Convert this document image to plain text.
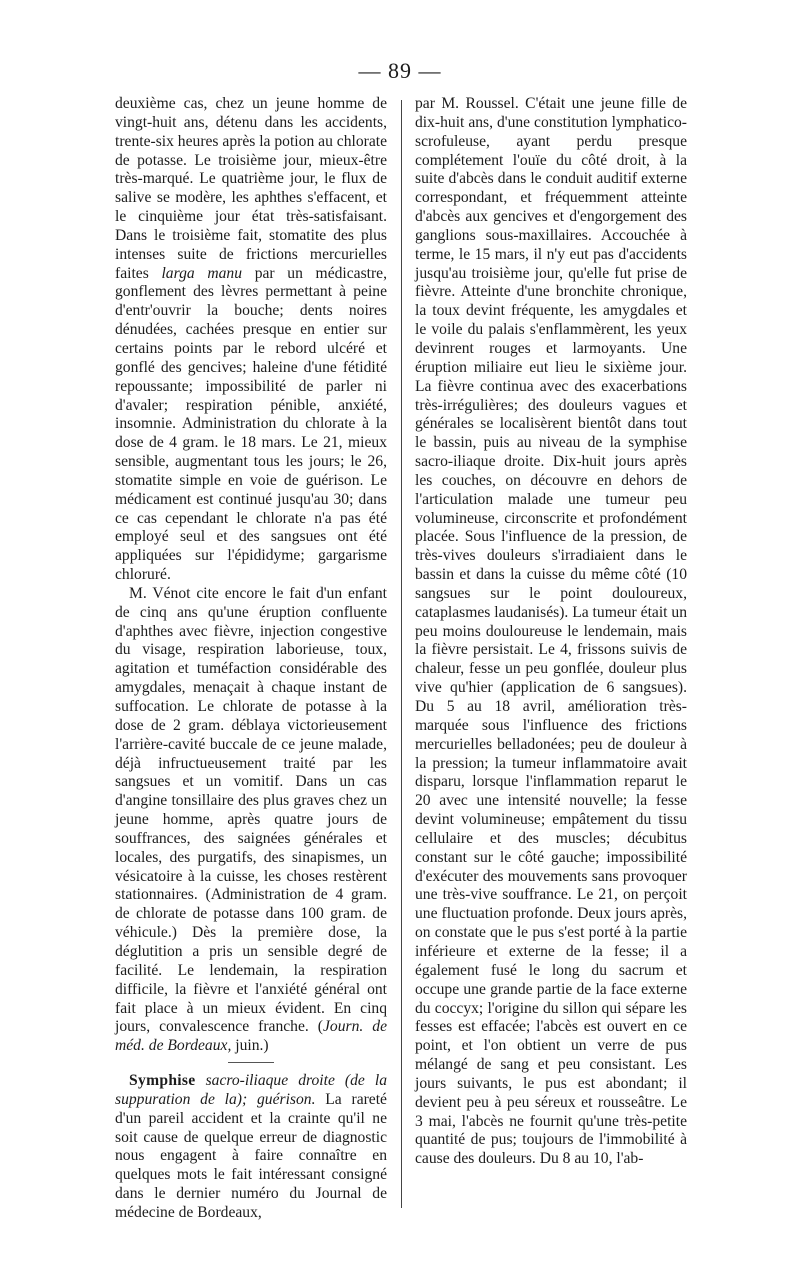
— 89 —

deuxième cas, chez un jeune homme de vingt-huit ans, détenu dans les accidents, trente-six heures après la potion au chlorate de potasse. Le troisième jour, mieux-être très-marqué. Le quatrième jour, le flux de salive se modère, les aphthes s'effacent, et le cinquième jour état très-satisfaisant. Dans le troisième fait, stomatite des plus intenses suite de frictions mercurielles faites larga manu par un médicastre, gonflement des lèvres permettant à peine d'entr'ouvrir la bouche; dents noires dénudées, cachées presque en entier sur certains points par le rebord ulcéré et gonflé des gencives; haleine d'une fétidité repoussante; impossibilité de parler ni d'avaler; respiration pénible, anxiété, insomnie. Administration du chlorate à la dose de 4 gram. le 18 mars. Le 21, mieux sensible, augmentant tous les jours; le 26, stomatite simple en voie de guérison. Le médicament est continué jusqu'au 30; dans ce cas cependant le chlorate n'a pas été employé seul et des sangsues ont été appliquées sur l'épididyme; gargarisme chloruré.

M. Vénot cite encore le fait d'un enfant de cinq ans qu'une éruption confluente d'aphthes avec fièvre, injection congestive du visage, respiration laborieuse, toux, agitation et tuméfaction considérable des amygdales, menaçait à chaque instant de suffocation. Le chlorate de potasse à la dose de 2 gram. déblaya victorieusement l'arrière-cavité buccale de ce jeune malade, déjà infructueusement traité par les sangsues et un vomitif. Dans un cas d'angine tonsillaire des plus graves chez un jeune homme, après quatre jours de souffrances, des saignées générales et locales, des purgatifs, des sinapismes, un vésicatoire à la cuisse, les choses restèrent stationnaires. (Administration de 4 gram. de chlorate de potasse dans 100 gram. de véhicule.) Dès la première dose, la déglutition a pris un sensible degré de facilité. Le lendemain, la respiration difficile, la fièvre et l'anxiété général ont fait place à un mieux évident. En cinq jours, convalescence franche. (Journ. de méd. de Bordeaux, juin.)

Symphise sacro-iliaque droite (de la suppuration de la); guérison. La rareté d'un pareil accident et la crainte qu'il ne soit cause de quelque erreur de diagnostic nous engagent à faire connaître en quelques mots le fait intéressant consigné dans le dernier numéro du Journal de médecine de Bordeaux,

par M. Roussel. C'était une jeune fille de dix-huit ans, d'une constitution lymphatico-scrofuleuse, ayant perdu presque complétement l'ouïe du côté droit, à la suite d'abcès dans le conduit auditif externe correspondant, et fréquemment atteinte d'abcès aux gencives et d'engorgement des ganglions sous-maxillaires. Accouchée à terme, le 15 mars, il n'y eut pas d'accidents jusqu'au troisième jour, qu'elle fut prise de fièvre. Atteinte d'une bronchite chronique, la toux devint fréquente, les amygdales et le voile du palais s'enflammèrent, les yeux devinrent rouges et larmoyants. Une éruption miliaire eut lieu le sixième jour. La fièvre continua avec des exacerbations très-irrégulières; des douleurs vagues et générales se localisèrent bientôt dans tout le bassin, puis au niveau de la symphise sacro-iliaque droite. Dix-huit jours après les couches, on découvre en dehors de l'articulation malade une tumeur peu volumineuse, circonscrite et profondément placée. Sous l'influence de la pression, de très-vives douleurs s'irradiaient dans le bassin et dans la cuisse du même côté (10 sangsues sur le point douloureux, cataplasmes laudanisés). La tumeur était un peu moins douloureuse le lendemain, mais la fièvre persistait. Le 4, frissons suivis de chaleur, fesse un peu gonflée, douleur plus vive qu'hier (application de 6 sangsues). Du 5 au 18 avril, amélioration très-marquée sous l'influence des frictions mercurielles belladonées; peu de douleur à la pression; la tumeur inflammatoire avait disparu, lorsque l'inflammation reparut le 20 avec une intensité nouvelle; la fesse devint volumineuse; empâtement du tissu cellulaire et des muscles; décubitus constant sur le côté gauche; impossibilité d'exécuter des mouvements sans provoquer une très-vive souffrance. Le 21, on perçoit une fluctuation profonde. Deux jours après, on constate que le pus s'est porté à la partie inférieure et externe de la fesse; il a également fusé le long du sacrum et occupe une grande partie de la face externe du coccyx; l'origine du sillon qui sépare les fesses est effacée; l'abcès est ouvert en ce point, et l'on obtient un verre de pus mélangé de sang et peu consistant. Les jours suivants, le pus est abondant; il devient peu à peu séreux et rousseâtre. Le 3 mai, l'abcès ne fournit qu'une très-petite quantité de pus; toujours de l'immobilité à cause des douleurs. Du 8 au 10, l'ab-
